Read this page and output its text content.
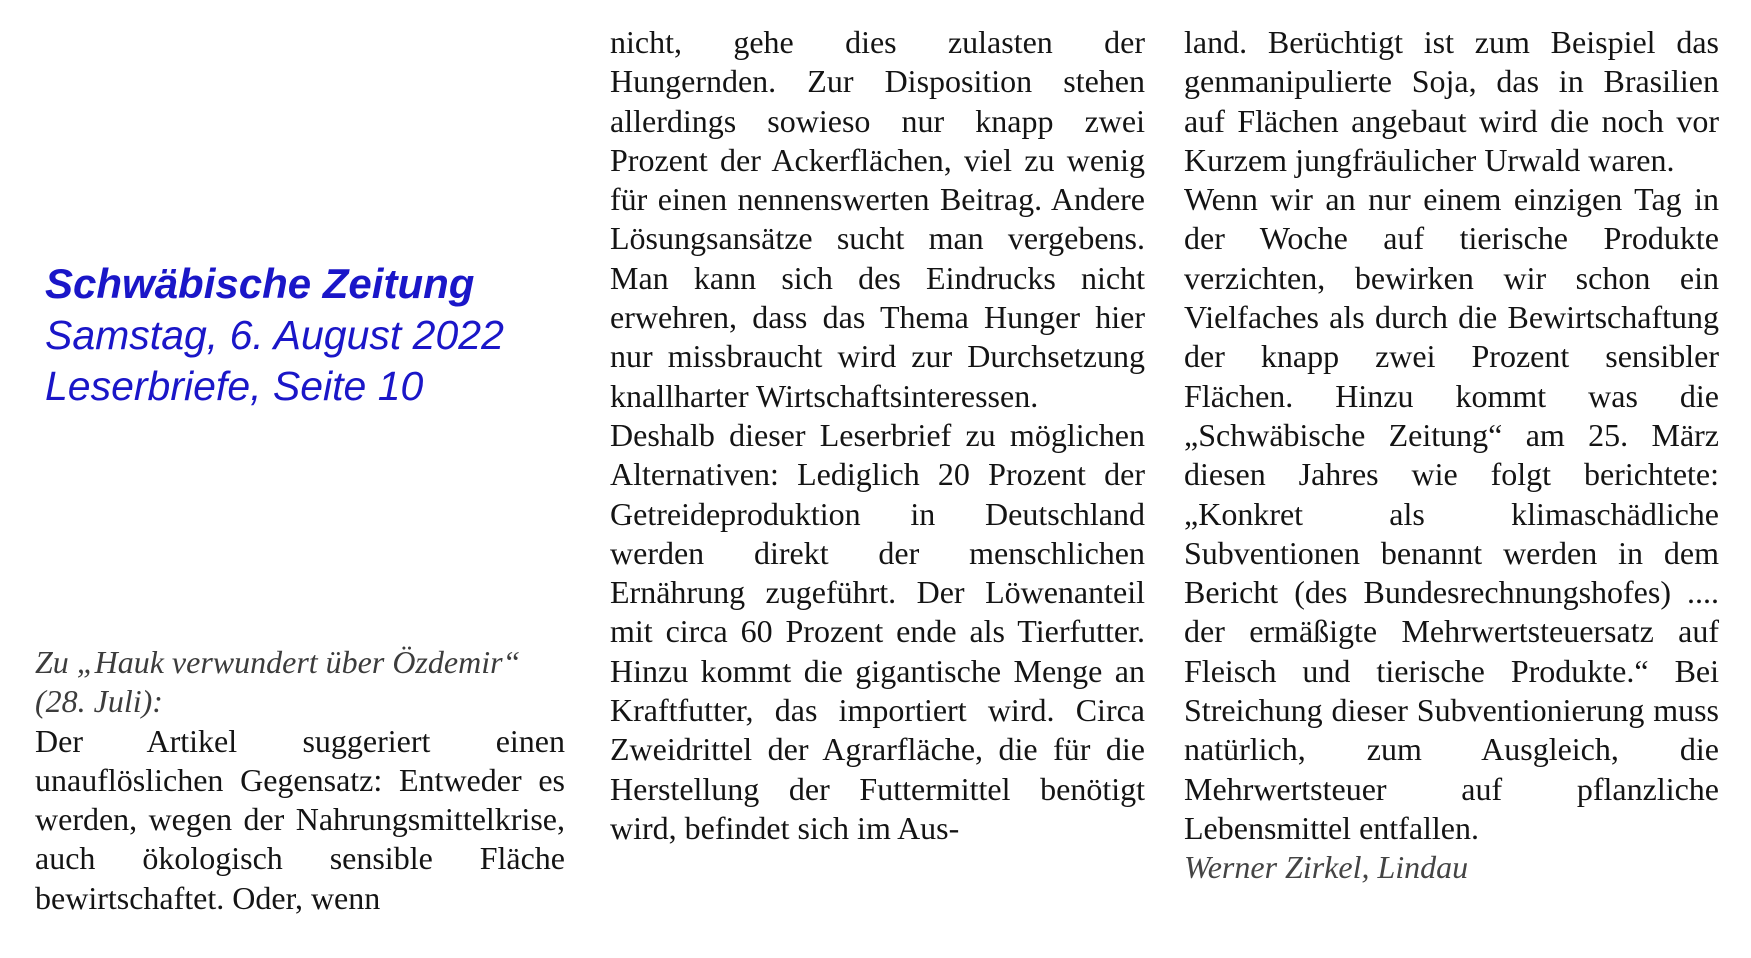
Schwäbische Zeitung
Samstag, 6. August 2022
Leserbriefe, Seite 10

Zu „Hauk verwundert über Özdemir“ (28. Juli):

Der Artikel suggeriert einen unauflöslichen Gegensatz: Entweder es werden, wegen der Nahrungsmittelkrise, auch ökologisch sensible Fläche bewirtschaftet. Oder, wenn

nicht, gehe dies zulasten der Hungernden. Zur Disposition stehen allerdings sowieso nur knapp zwei Prozent der Ackerflächen, viel zu wenig für einen nennenswerten Beitrag. Andere Lösungsansätze sucht man vergebens. Man kann sich des Eindrucks nicht erwehren, dass das Thema Hunger hier nur missbraucht wird zur Durchsetzung knallharter Wirtschaftsinteressen.

Deshalb dieser Leserbrief zu möglichen Alternativen: Lediglich 20 Prozent der Getreideproduktion in Deutschland werden direkt der menschlichen Ernährung zugeführt. Der Löwenanteil mit circa 60 Prozent ende als Tierfutter. Hinzu kommt die gigantische Menge an Kraftfutter, das importiert wird. Circa Zweidrittel der Agrarfläche, die für die Herstellung der Futtermittel benötigt wird, befindet sich im Aus-

land. Berüchtigt ist zum Beispiel das genmanipulierte Soja, das in Brasilien auf Flächen angebaut wird die noch vor Kurzem jungfräulicher Urwald waren.

Wenn wir an nur einem einzigen Tag in der Woche auf tierische Produkte verzichten, bewirken wir schon ein Vielfaches als durch die Bewirtschaftung der knapp zwei Prozent sensibler Flächen. Hinzu kommt was die „Schwäbische Zeitung“ am 25. März diesen Jahres wie folgt berichtete: „Konkret als klimaschädliche Subventionen benannt werden in dem Bericht (des Bundesrechnungshofes) .... der ermäßigte Mehrwertsteuersatz auf Fleisch und tierische Produkte.“ Bei Streichung dieser Subventionierung muss natürlich, zum Ausgleich, die Mehrwertsteuer auf pflanzliche Lebensmittel entfallen.

Werner Zirkel, Lindau
